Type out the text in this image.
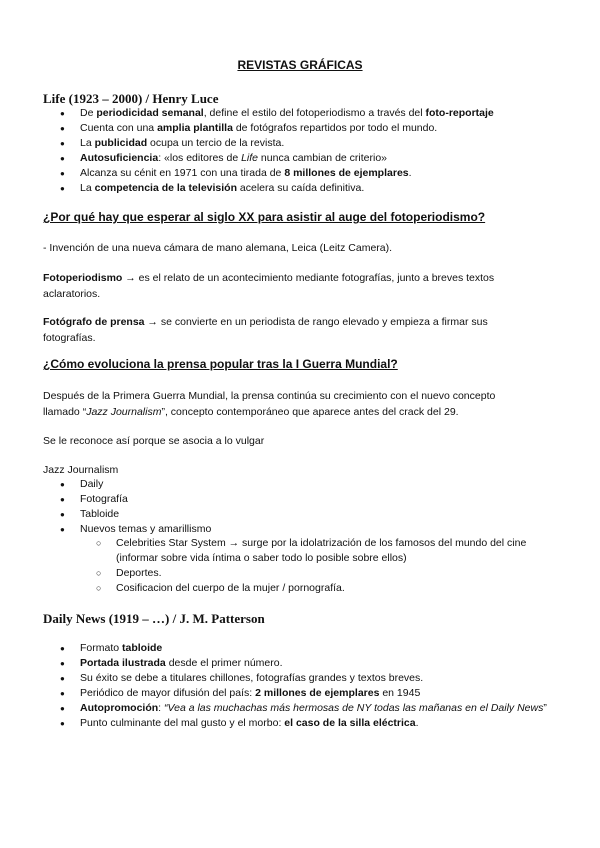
REVISTAS GRÁFICAS
Life (1923 – 2000) / Henry Luce
● De periodicidad semanal, define el estilo del fotoperiodismo a través del foto-reportaje
● Cuenta con una amplia plantilla de fotógrafos repartidos por todo el mundo.
● La publicidad ocupa un tercio de la revista.
● Autosuficiencia: «los editores de Life nunca cambian de criterio»
● Alcanza su cénit en 1971 con una tirada de 8 millones de ejemplares.
● La competencia de la televisión acelera su caída definitiva.
¿Por qué hay que esperar al siglo XX para asistir al auge del fotoperiodismo?
- Invención de una nueva cámara de mano alemana, Leica (Leitz Camera).
Fotoperiodismo → es el relato de un acontecimiento mediante fotografías, junto a breves textos aclaratorios.
Fotógrafo de prensa → se convierte en un periodista de rango elevado y empieza a firmar sus fotografías.
¿Cómo evoluciona la prensa popular tras la I Guerra Mundial?
Después de la Primera Guerra Mundial, la prensa continúa su crecimiento con el nuevo concepto llamado “Jazz Journalism”, concepto contemporáneo que aparece antes del crack del 29.
Se le reconoce así porque se asocia a lo vulgar
Jazz Journalism
● Daily
● Fotografía
● Tabloide
● Nuevos temas y amarillismo
○ Celebrities Star System → surge por la idolatrización de los famosos del mundo del cine (informar sobre vida íntima o saber todo lo posible sobre ellos)
○ Deportes.
○ Cosificacion del cuerpo de la mujer / pornografía.
Daily News (1919 – …) / J. M. Patterson
● Formato tabloide
● Portada ilustrada desde el primer número.
● Su éxito se debe a titulares chillones, fotografías grandes y textos breves.
● Periódico de mayor difusión del país: 2 millones de ejemplares en 1945
● Autopromoción: “Vea a las muchachas más hermosas de NY todas las mañanas en el Daily News”
● Punto culminante del mal gusto y el morbo: el caso de la silla eléctrica.
